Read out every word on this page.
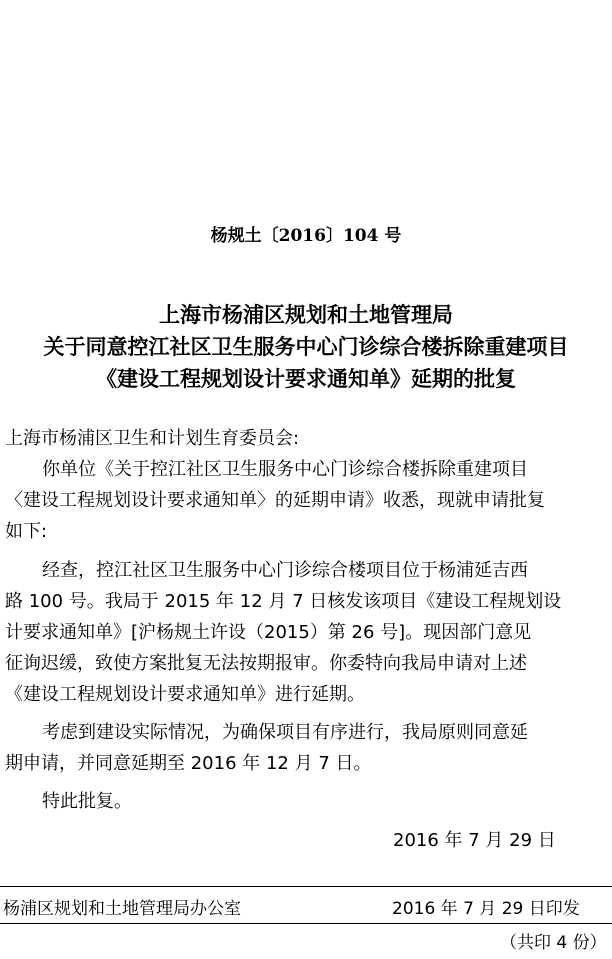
杨规土〔2016〕104 号
上海市杨浦区规划和土地管理局
关于同意控江社区卫生服务中心门诊综合楼拆除重建项目
《建设工程规划设计要求通知单》延期的批复
上海市杨浦区卫生和计划生育委员会:
你单位《关于控江社区卫生服务中心门诊综合楼拆除重建项目
〈建设工程规划设计要求通知单〉的延期申请》收悉，现就申请批复
如下:
经查，控江社区卫生服务中心门诊综合楼项目位于杨浦延吉西
路 100 号。我局于 2015 年 12 月 7 日核发该项目《建设工程规划设
计要求通知单》[沪杨规土许设（2015）第 26 号]。现因部门意见
征询迟缓，致使方案批复无法按期报审。你委特向我局申请对上述
《建设工程规划设计要求通知单》进行延期。
考虑到建设实际情况，为确保项目有序进行，我局原则同意延
期申请，并同意延期至 2016 年 12 月 7 日。
特此批复。
2016 年 7 月 29 日
杨浦区规划和土地管理局办公室	2016 年 7 月 29 日印发
（共印 4 份）
